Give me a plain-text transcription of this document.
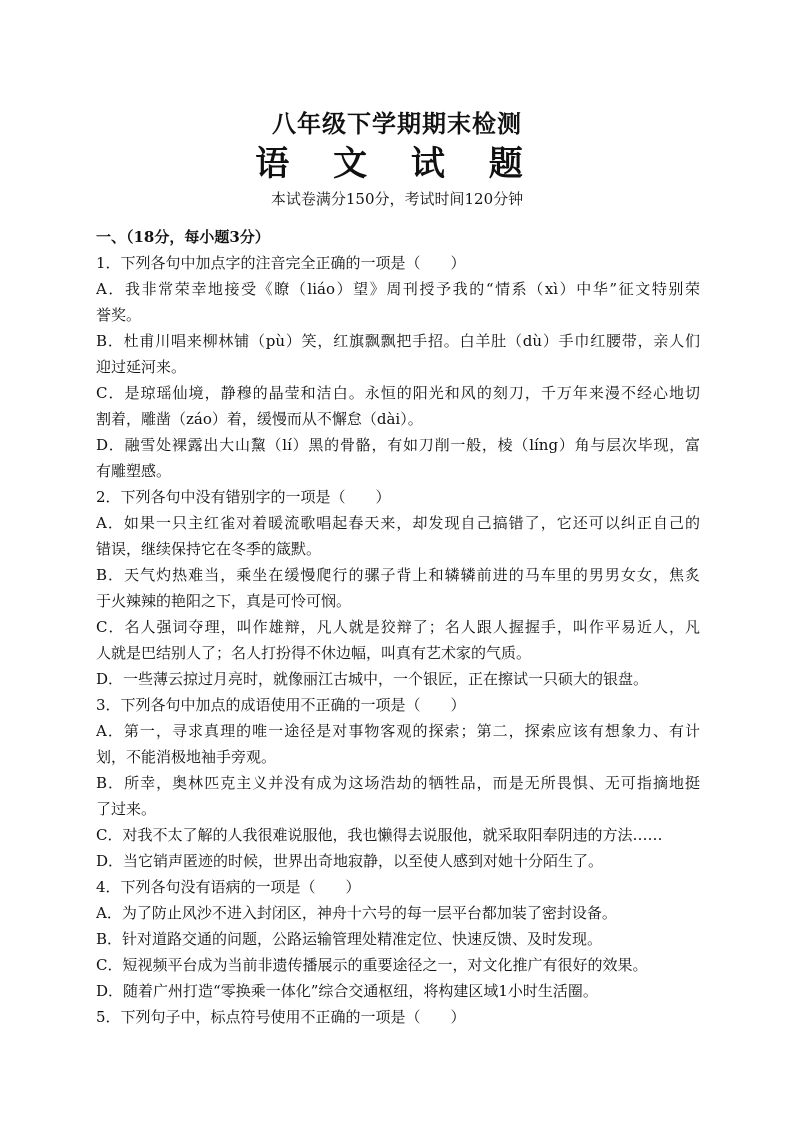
八年级下学期期末检测
语 文 试 题
本试卷满分150分，考试时间120分钟
一、（18分，每小题3分）
1．下列各句中加点字的注音完全正确的一项是（　　）
A．我非常荣幸地接受《瞭（liáo）望》周刊授予我的“情系（xì）中华”征文特别荣
誉奖。
B．杜甫川唱来柳林铺（pù）笑，红旗飘飘把手招。白羊肚（dù）手巾红腰带，亲人们
迎过延河来。
C．是琼瑶仙境，静穆的晶莹和洁白。永恒的阳光和风的刻刀，千万年来漫不经心地切
割着，雕凿（záo）着，缓慢而从不懈怠（dài）。
D．融雪处裸露出大山黧（lí）黑的骨骼，有如刀削一般，棱（líng）角与层次毕现，富
有雕塑感。
2．下列各句中没有错别字的一项是（　　）
A．如果一只主红雀对着暖流歌唱起春天来，却发现自己搞错了，它还可以纠正自己的
错误，继续保持它在冬季的箴默。
B．天气灼热难当，乘坐在缓慢爬行的骡子背上和辚辚前进的马车里的男男女女，焦炙
于火辣辣的艳阳之下，真是可怜可悯。
C．名人强词夺理，叫作雄辩，凡人就是狡辩了；名人跟人握握手，叫作平易近人，凡
人就是巴结别人了；名人打扮得不休边幅，叫真有艺术家的气质。
D．一些薄云掠过月亮时，就像丽江古城中，一个银匠，正在擦试一只硕大的银盘。
3．下列各句中加点的成语使用不正确的一项是（　　）
A．第一，寻求真理的唯一途径是对事物客观的探索；第二，探索应该有想象力、有计
划，不能消极地袖手旁观。
B．所幸，奥林匹克主义并没有成为这场浩劫的牺牲品，而是无所畏惧、无可指摘地挺
了过来。
C．对我不太了解的人我很难说服他，我也懒得去说服他，就采取阳奉阴违的方法……
D．当它销声匿迹的时候，世界出奇地寂静，以至使人感到对她十分陌生了。
4．下列各句没有语病的一项是（　　）
A．为了防止风沙不进入封闭区，神舟十六号的每一层平台都加装了密封设备。
B．针对道路交通的问题，公路运输管理处精准定位、快速反馈、及时发现。
C．短视频平台成为当前非遗传播展示的重要途径之一，对文化推广有很好的效果。
D．随着广州打造“零换乘一体化”综合交通枢纽，将构建区域1小时生活圈。
5．下列句子中，标点符号使用不正确的一项是（　　）
